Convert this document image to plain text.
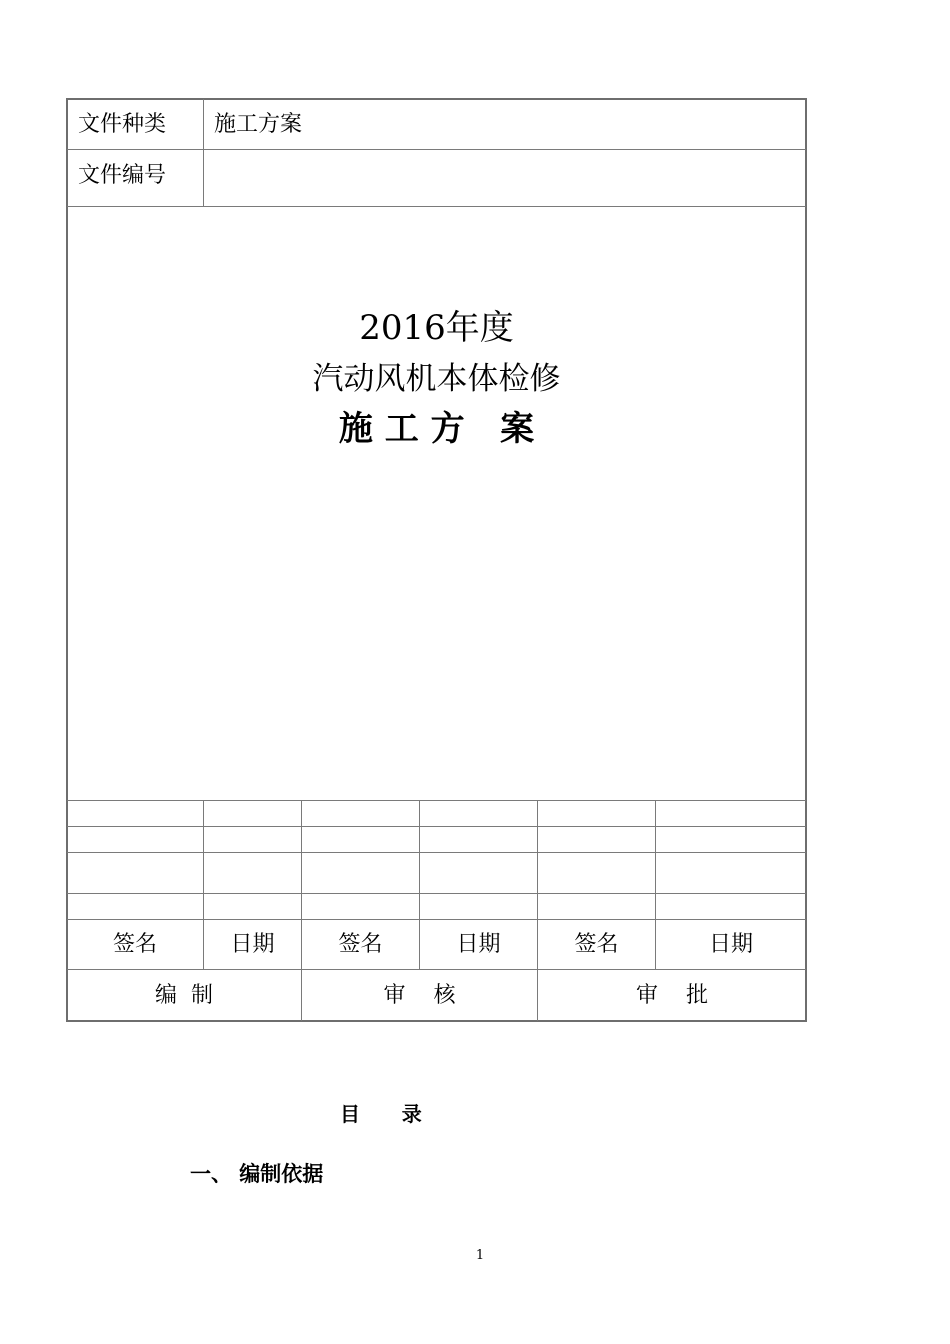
文件种类 施工方案
文件编号
2016年度
汽动风机本体检修
施 工 方   案
签名	日期	签名	日期	签名	日期
编  制	审    核	审    批
目      录
一、 编制依据
1
